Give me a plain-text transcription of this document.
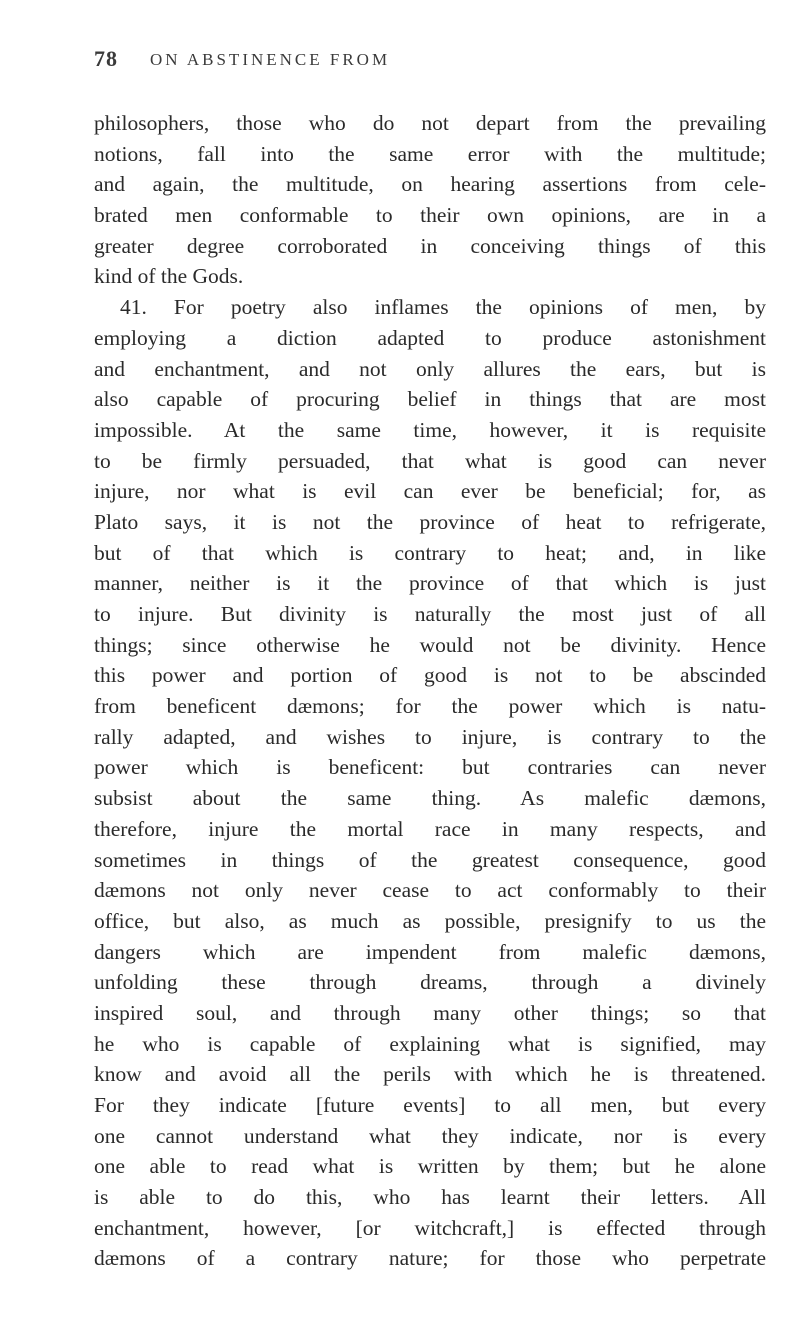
78 ON ABSTINENCE FROM
philosophers, those who do not depart from the prevailing
notions, fall into the same error with the multitude;
and again, the multitude, on hearing assertions from cele-
brated men conformable to their own opinions, are in a
greater degree corroborated in conceiving things of this
kind of the Gods.
41. For poetry also inflames the opinions of men, by
employing a diction adapted to produce astonishment
and enchantment, and not only allures the ears, but is
also capable of procuring belief in things that are most
impossible. At the same time, however, it is requisite
to be firmly persuaded, that what is good can never
injure, nor what is evil can ever be beneficial; for, as
Plato says, it is not the province of heat to refrigerate,
but of that which is contrary to heat; and, in like
manner, neither is it the province of that which is just
to injure. But divinity is naturally the most just of all
things; since otherwise he would not be divinity. Hence
this power and portion of good is not to be abscinded
from beneficent dæmons; for the power which is natu-
rally adapted, and wishes to injure, is contrary to the
power which is beneficent: but contraries can never
subsist about the same thing. As malefic dæmons,
therefore, injure the mortal race in many respects, and
sometimes in things of the greatest consequence, good
dæmons not only never cease to act conformably to their
office, but also, as much as possible, presignify to us the
dangers which are impendent from malefic dæmons,
unfolding these through dreams, through a divinely
inspired soul, and through many other things; so that
he who is capable of explaining what is signified, may
know and avoid all the perils with which he is threatened.
For they indicate [future events] to all men, but every
one cannot understand what they indicate, nor is every
one able to read what is written by them; but he alone
is able to do this, who has learnt their letters. All
enchantment, however, [or witchcraft,] is effected through
dæmons of a contrary nature; for those who perpetrate
